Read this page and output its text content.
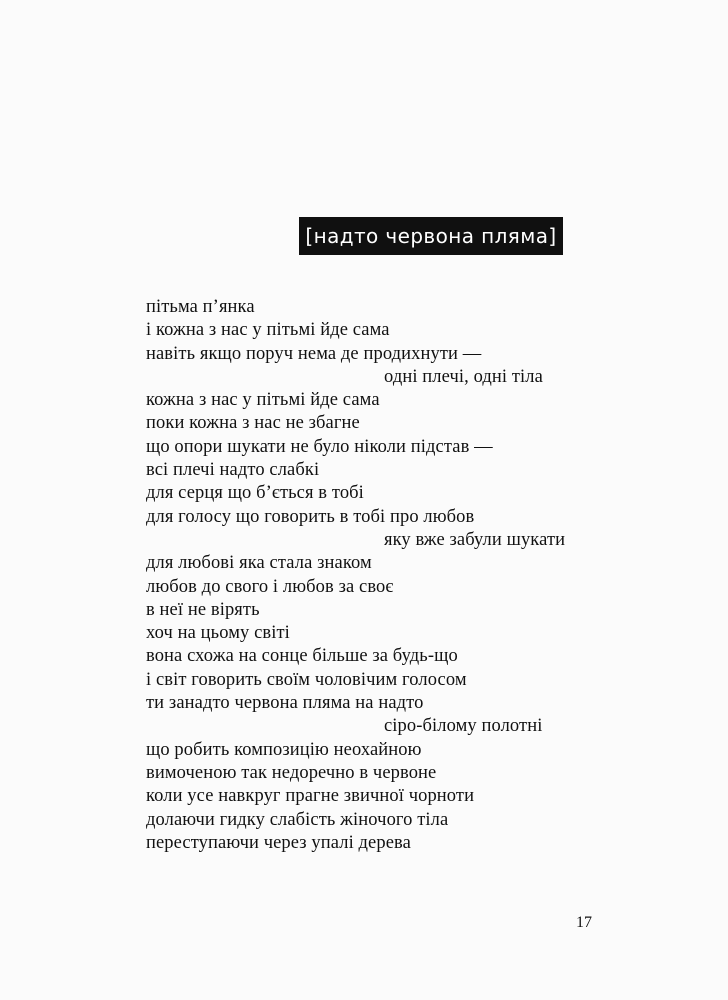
[надто червона пляма]
пітьма п’янка
і кожна з нас у пітьмі йде сама
навіть якщо поруч нема де продихнути —
одні плечі, одні тіла
кожна з нас у пітьмі йде сама
поки кожна з нас не збагне
що опори шукати не було ніколи підстав —
всі плечі надто слабкі
для серця що б’ється в тобі
для голосу що говорить в тобі про любов
яку вже забули шукати
для любові яка стала знаком
любов до свого і любов за своє
в неї не вірять
хоч на цьому світі
вона схожа на сонце більше за будь-що
і світ говорить своїм чоловічим голосом
ти занадто червона пляма на надто
сіро-білому полотні
що робить композицію неохайною
вимоченою так недоречно в червоне
коли усе навкруг прагне звичної чорноти
долаючи гидку слабість жіночого тіла
переступаючи через упалі дерева
17
